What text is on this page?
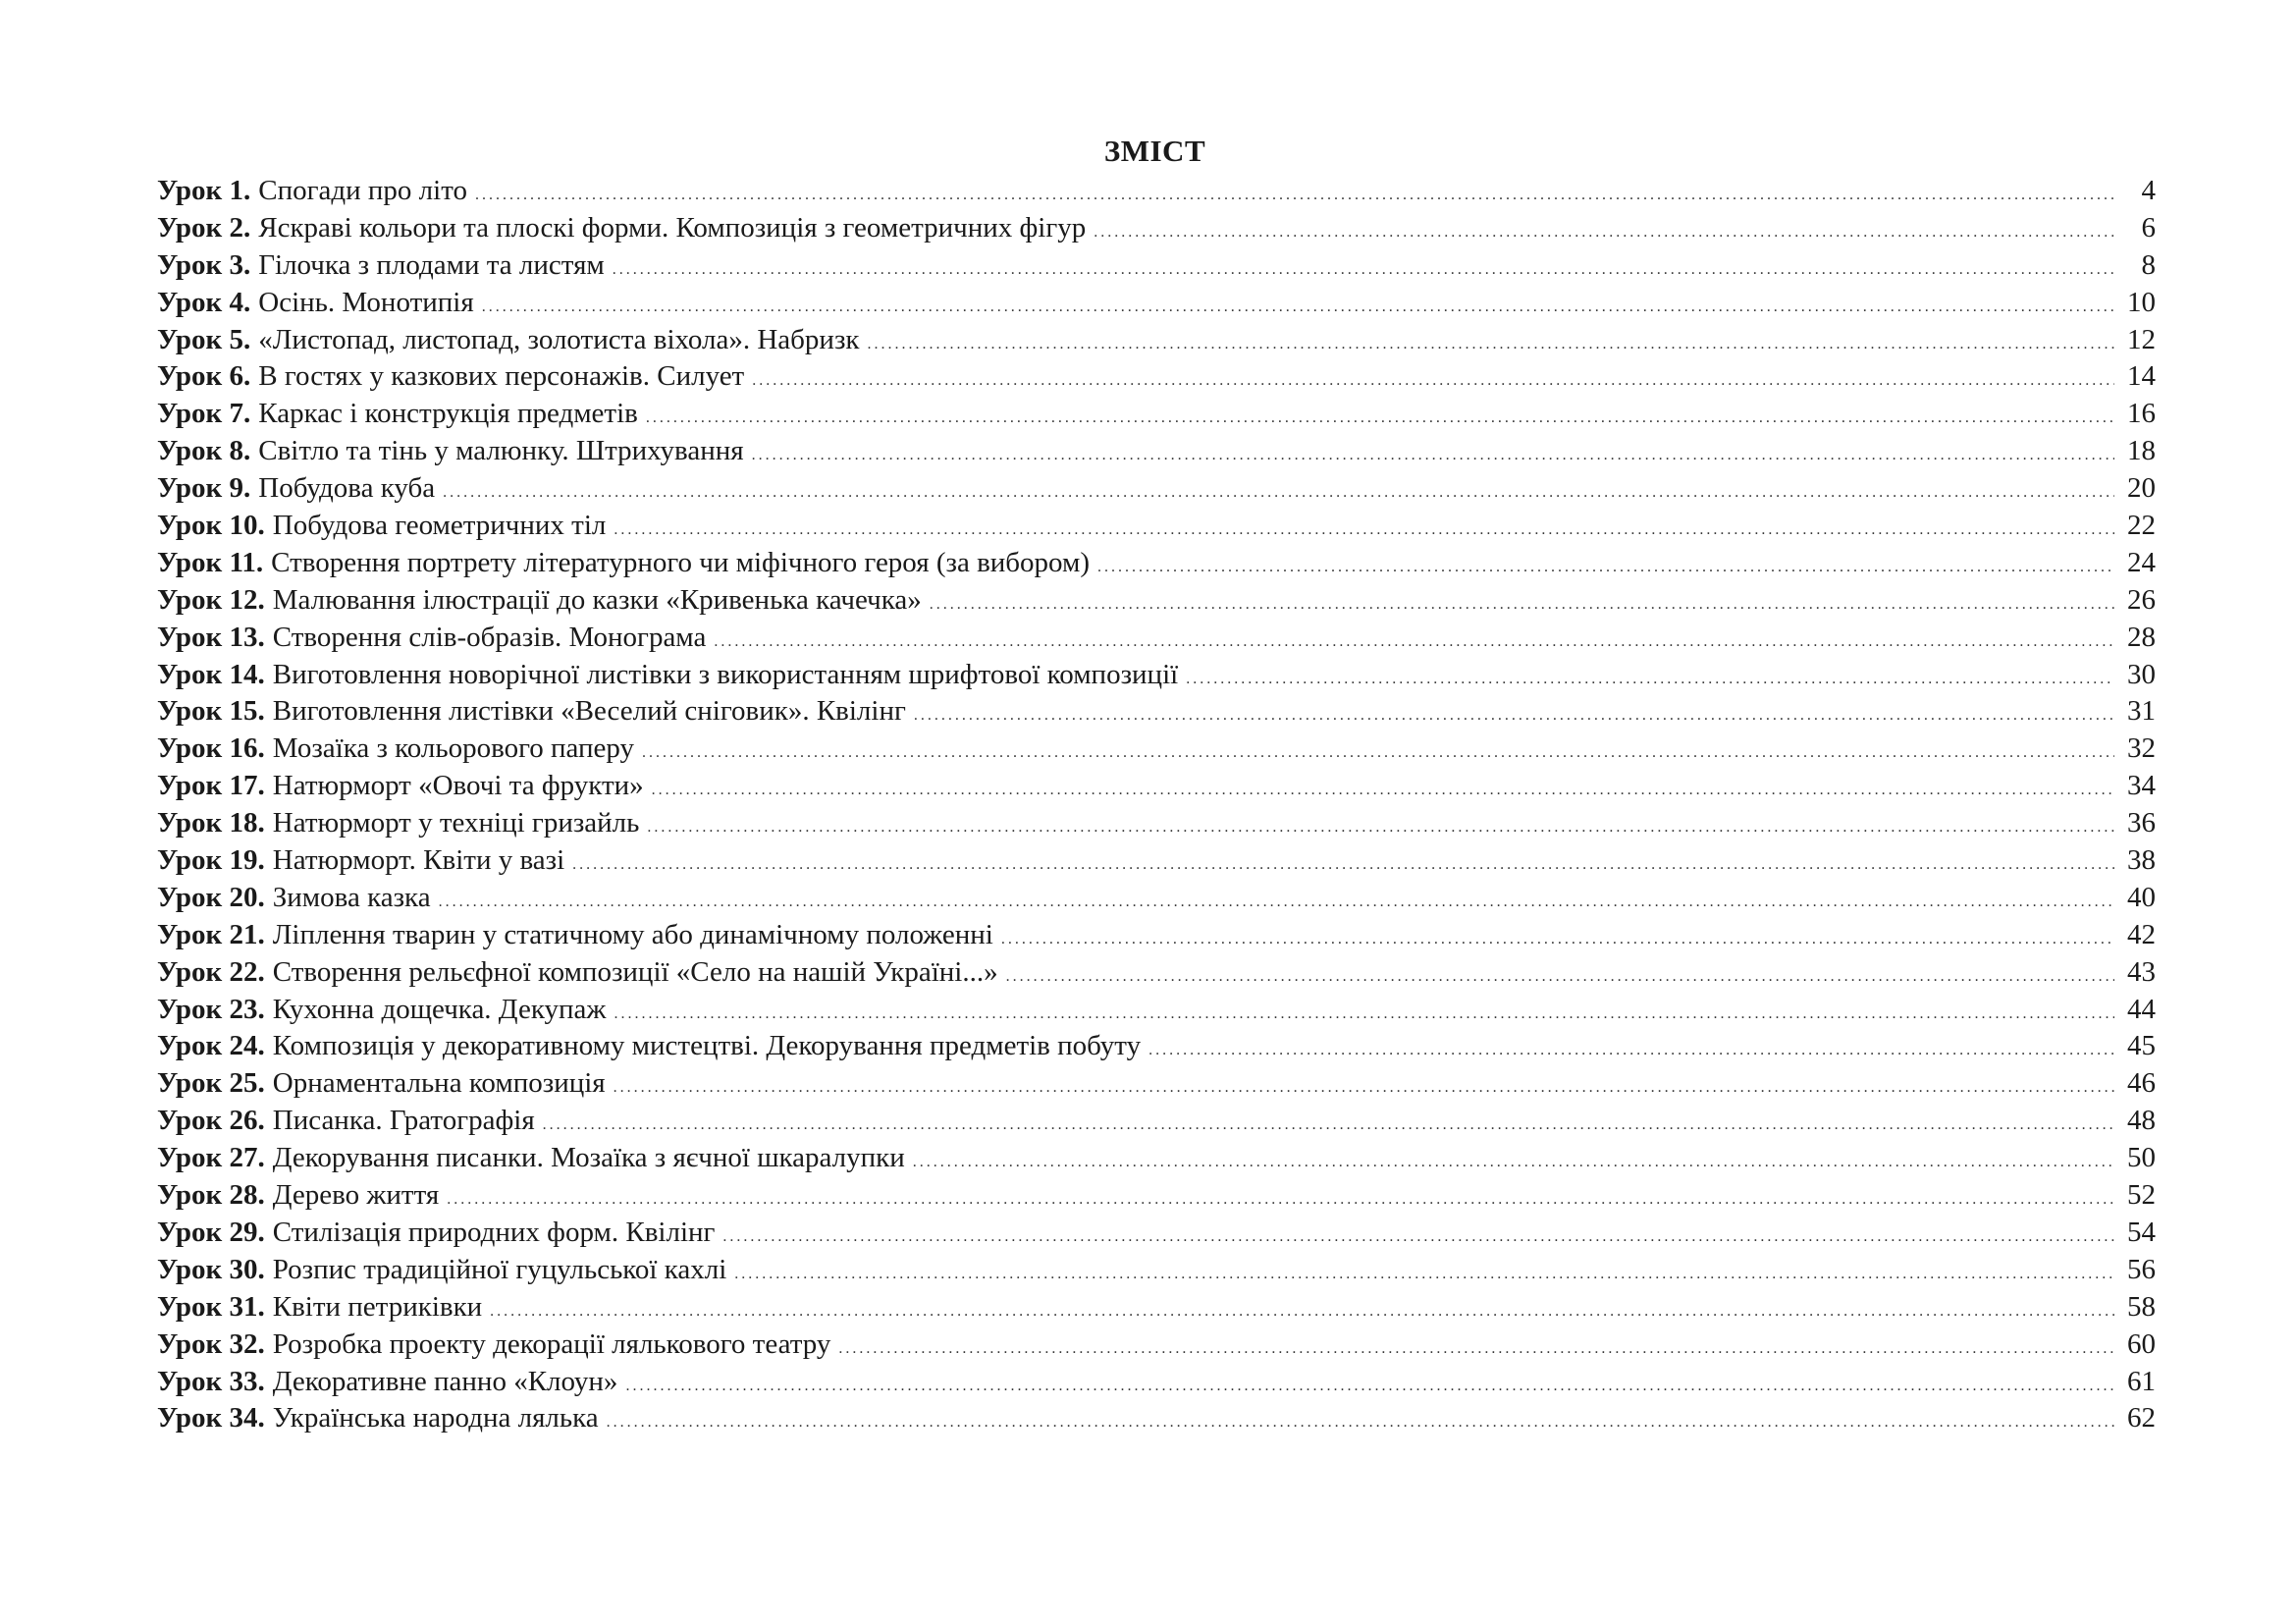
ЗМІСТ
Урок 1. Спогади про літо .....	4
Урок 2. Яскраві кольори та плоскі форми. Композиція з геометричних фігур .....	6
Урок 3. Гілочка з плодами та листям .....	8
Урок 4. Осінь. Монотипія .....	10
Урок 5. «Листопад, листопад, золотиста віхола». Набризк .....	12
Урок 6. В гостях у казкових персонажів. Силует .....	14
Урок 7. Каркас і конструкція предметів .....	16
Урок 8. Світло та тінь у малюнку. Штрихування .....	18
Урок 9. Побудова куба .....	20
Урок 10. Побудова геометричних тіл .....	22
Урок 11. Створення портрету літературного чи міфічного героя (за вибором) .....	24
Урок 12. Малювання ілюстрації до казки «Кривенька качечка» .....	26
Урок 13. Створення слів-образів. Монограма .....	28
Урок 14. Виготовлення новорічної листівки з використанням шрифтової композиції .....	30
Урок 15. Виготовлення листівки «Веселий сніговик». Квілінг .....	31
Урок 16. Мозаїка з кольорового паперу .....	32
Урок 17. Натюрморт «Овочі та фрукти» .....	34
Урок 18. Натюрморт у техніці гризайль .....	36
Урок 19. Натюрморт. Квіти у вазі .....	38
Урок 20. Зимова казка .....	40
Урок 21. Ліплення тварин у статичному або динамічному положенні .....	42
Урок 22. Створення рельєфної композиції «Село на нашій Україні...» .....	43
Урок 23. Кухонна дощечка. Декупаж .....	44
Урок 24. Композиція у декоративному мистецтві. Декорування предметів побуту .....	45
Урок 25. Орнаментальна композиція .....	46
Урок 26. Писанка. Гратографія .....	48
Урок 27. Декорування писанки. Мозаїка з яєчної шкаралупки .....	50
Урок 28. Дерево життя .....	52
Урок 29. Стилізація природних форм. Квілінг .....	54
Урок 30. Розпис традиційної гуцульської кахлі .....	56
Урок 31. Квіти петриківки .....	58
Урок 32. Розробка проекту декорації лялькового театру .....	60
Урок 33. Декоративне панно «Клоун» .....	61
Урок 34. Українська народна лялька .....	62
